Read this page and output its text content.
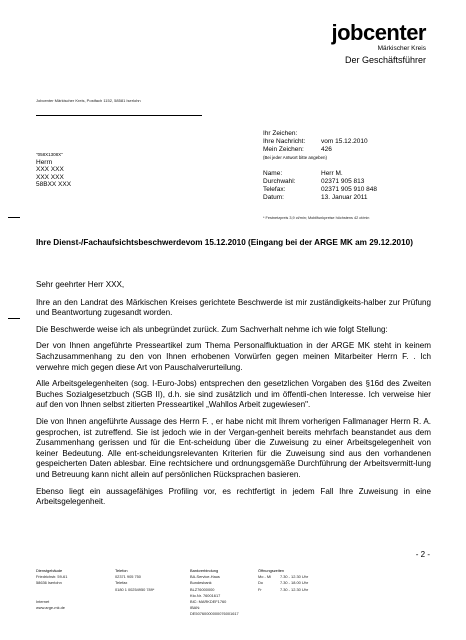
jobcenter
Märkischer Kreis
Der Geschäftsführer
Jobcenter Märkischer Kreis, Postfach 1152, 58581 Iserlohn
"058X1308X"
Herrn
XXX XXX
XXX XXX
58BXX XXX
Ihr Zeichen:
Ihre Nachricht:	vom 15.12.2010
Mein Zeichen:	426
(Bei jeder Antwort bitte angeben)
Name:	Herr M.
Durchwahl:	02371 905 813
Telefax:	02371 905 910 848
Datum:	13. Januar 2011
* Festnetzpreis 3,9 ct/min; Mobilfunkpreise höchstens 42 ct/min
Ihre Dienst-/Fachaufsichtsbeschwerdevom 15.12.2010 (Eingang bei der ARGE MK am 29.12.2010)

Sehr geehrter Herr XXX,

Ihre an den Landrat des Märkischen Kreises gerichtete Beschwerde ist mir zuständigkeits-halber zur Prüfung und Beantwortung zugesandt worden.

Die Beschwerde weise ich als unbegründet zurück. Zum Sachverhalt nehme ich wie folgt Stellung:

Der von Ihnen angeführte Presseartikel zum Thema Personalfluktuation in der ARGE MK steht in keinem Sachzusammenhang zu den von Ihnen erhobenen Vorwürfen gegen meinen Mitarbeiter Herrn F. . Ich verwehre mich gegen diese Art von Pauschalverurteilung.

Alle Arbeitsgelegenheiten (sog. I-Euro-Jobs) entsprechen den gesetzlichen Vorgaben des §16d des Zweiten Buches Sozialgesetzbuch (SGB II), d.h. sie sind zusätzlich und im öffentli-chen Interesse. Ich verweise hier auf den von Ihnen selbst zitierten Presseartikel „Wahllos Arbeit zugewiesen".

Die von Ihnen angeführte Aussage des Herrn F. , er habe nicht mit Ihrem vorherigen Fallmanager Herrn R. A. gesprochen, ist zutreffend. Sie ist jedoch wie in der Vergan-genheit bereits mehrfach beanstandet aus dem Zusammenhang gerissen und für die Ent-scheidung über die Zuweisung zu einer Arbeitsgelegenheit von keiner Bedeutung. Alle ent-scheidungsrelevanten Kriterien für die Zuweisung sind aus den vorhandenen gespeicherten Daten ablesbar. Eine rechtsichere und ordnungsgemäße Durchführung der Arbeitsvermitt-lung und Betreuung kann nicht allein auf persönlichen Rücksprachen basieren.

Ebenso liegt ein aussagefähiges Profiling vor, es rechtfertigt in jedem Fall Ihre Zuweisung in eine Arbeitsgelegenheit.

- 2 -
Dienstgebäude
Friedrichstr. 59-61
58636 Iserlohn
Internet
www.arge-mk.de
Telefon
02371 905 750
Telefax
0180 1 00254950 789*
Bankverbindung
BA-Service-Haus
Bundesbank
BLZ76000000
Kto.Nr. 76001617
BIC: MARKDEF1760
IBAN:
DE50760000000076001617
Öffnungszeiten
Mo - Mi	7.30 - 12.30 Uhr
Do	7.30 - 18.00 Uhr
Fr	7.30 - 12.30 Uhr
